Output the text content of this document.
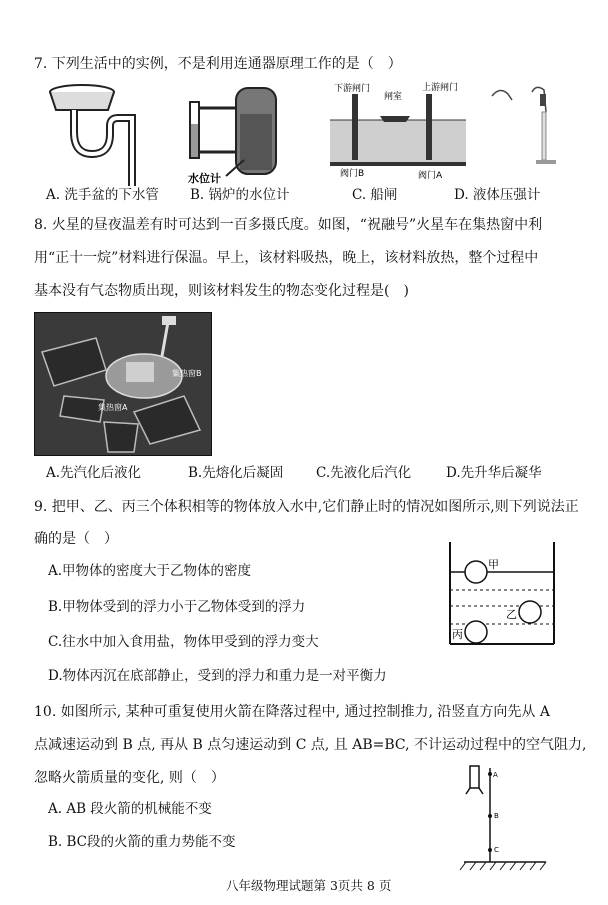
7. 下列生活中的实例，不是利用连通器原理工作的是（　）
水位计
下游闸门
闸室
上游闸门
阀门B	阀门A
A. 洗手盆的下水管 B. 锅炉的水位计	C. 船闸	D. 液体压强计
8. 火星的昼夜温差有时可达到一百多摄氏度。如图，“祝融号”火星车在集热窗中利
用“正十一烷”材料进行保温。早上，该材料吸热，晚上，该材料放热，整个过程中
基本没有气态物质出现，则该材料发生的物态变化过程是(　)
集热窗B
集热窗A
A.先汽化后液化	B.先熔化后凝固 C.先液化后汽化	D.先升华后凝华
9. 把甲、乙、丙三个体积相等的物体放入水中,它们静止时的情况如图所示,则下列说法正
确的是（　）
A.甲物体的密度大于乙物体的密度
B.甲物体受到的浮力小于乙物体受到的浮力
C.往水中加入食用盐，物体甲受到的浮力变大
D.物体丙沉在底部静止，受到的浮力和重力是一对平衡力
甲
乙
丙
10. 如图所示, 某种可重复使用火箭在降落过程中, 通过控制推力, 沿竖直方向先从 A
点减速运动到 B 点, 再从 B 点匀速运动到 C 点, 且 AB=BC, 不计运动过程中的空气阻力,
忽略火箭质量的变化, 则（　）
A. AB 段火箭的机械能不变
B. BC段的火箭的重力势能不变
A
B
C
八年级物理试题第 3页共 8 页
